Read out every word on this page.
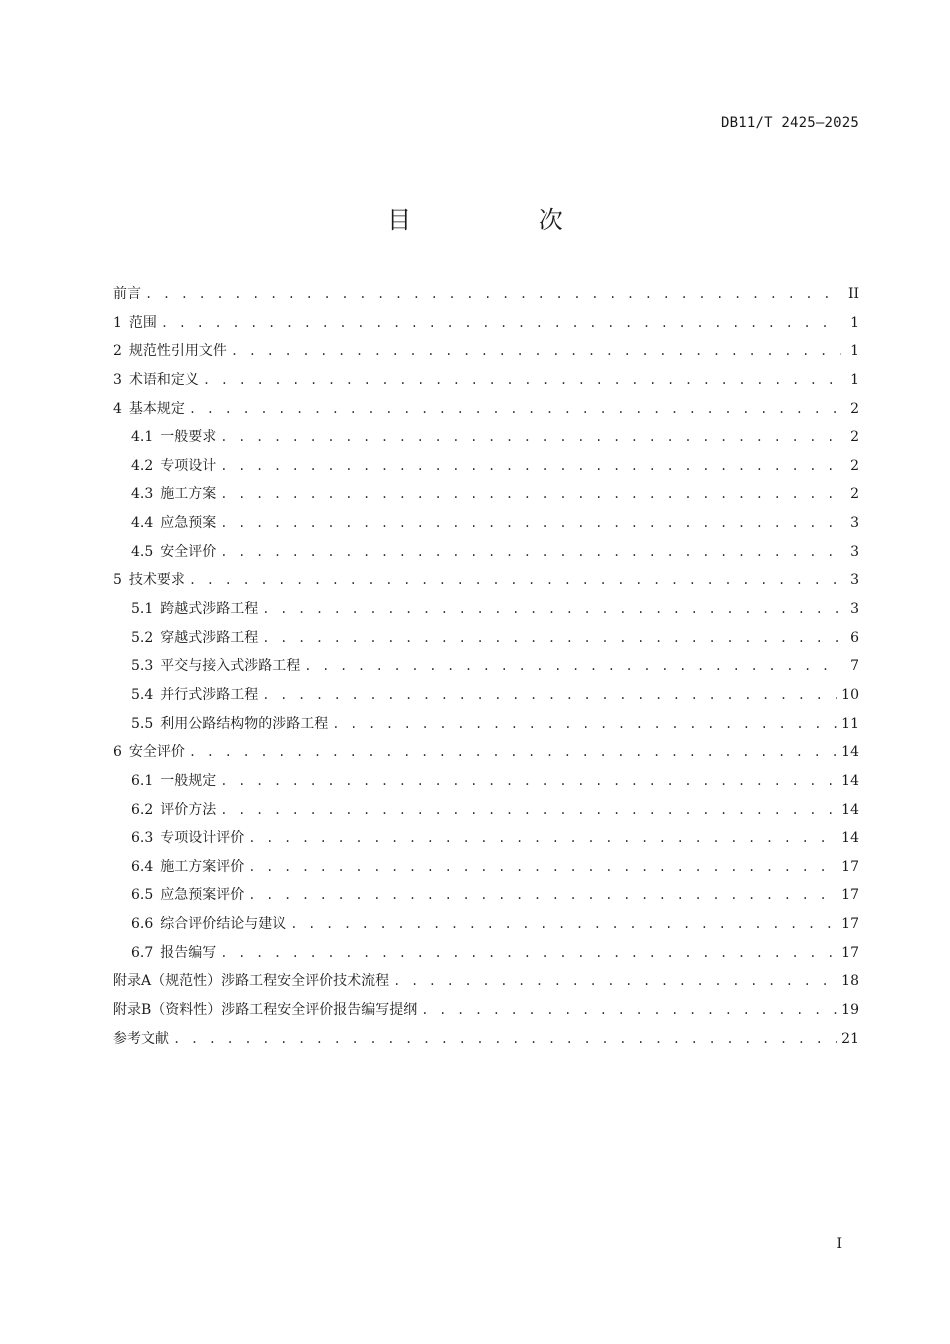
DB11/T 2425—2025
目 次
前言 . . .	II
1 范围 . . .	1
2 规范性引用文件 . . .	1
3 术语和定义 . . .	1
4 基本规定 . . .	2
4.1 一般要求 . . .	2
4.2 专项设计 . . .	2
4.3 施工方案 . . .	2
4.4 应急预案 . . .	3
4.5 安全评价 . . .	3
5 技术要求 . . .	3
5.1 跨越式涉路工程 . . .	3
5.2 穿越式涉路工程 . . .	6
5.3 平交与接入式涉路工程 . . .	7
5.4 并行式涉路工程 . . .	10
5.5 利用公路结构物的涉路工程 . . .	11
6 安全评价 . . .	14
6.1 一般规定 . . .	14
6.2 评价方法 . . .	14
6.3 专项设计评价 . . .	14
6.4 施工方案评价 . . .	17
6.5 应急预案评价 . . .	17
6.6 综合评价结论与建议 . . .	17
6.7 报告编写 . . .	17
附录A（规范性）涉路工程安全评价技术流程 . . .	18
附录B（资料性）涉路工程安全评价报告编写提纲 . . .	19
参考文献 . . .	21
I
